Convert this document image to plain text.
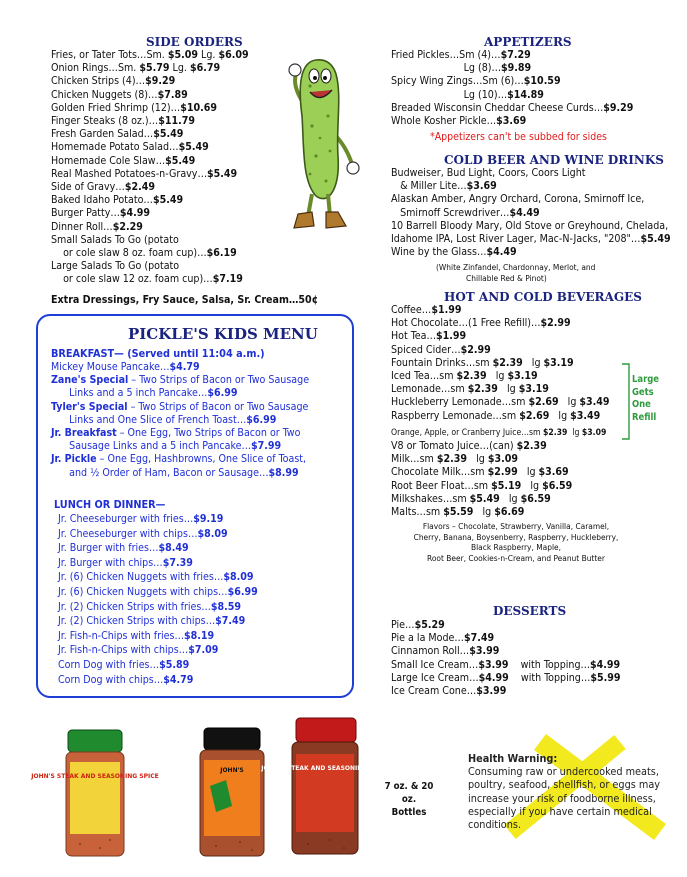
SIDE ORDERS
Fries, or Tater Tots…Sm. $5.09 Lg. $6.09
Onion Rings…Sm. $5.79 Lg. $6.79
Chicken Strips (4)…$9.29
Chicken Nuggets (8)…$7.89
Golden Fried Shrimp (12)…$10.69
Finger Steaks (8 oz.)…$11.79
Fresh Garden Salad…$5.49
Homemade Potato Salad…$5.49
Homemade Cole Slaw…$5.49
Real Mashed Potatoes-n-Gravy…$5.49
Side of Gravy…$2.49
Baked Idaho Potato…$5.49
Burger Patty…$4.99
Dinner Roll…$2.29
Small Salads To Go (potato
or cole slaw 8 oz. foam cup)…$6.19
Large Salads To Go (potato
or cole slaw 12 oz. foam cup)…$7.19
Extra Dressings, Fry Sauce, Salsa, Sr. Cream…50¢
PICKLE'S KIDS MENU
BREAKFAST— (Served until 11:04 a.m.)
Mickey Mouse Pancake…$4.79
Zane's Special – Two Strips of Bacon or Two Sausage
Links and a 5 inch Pancake…$6.99
Tyler's Special – Two Strips of Bacon or Two Sausage
Links and One Slice of French Toast…$6.99
Jr. Breakfast – One Egg, Two Strips of Bacon or Two
Sausage Links and a 5 inch Pancake…$7.99
Jr. Pickle – One Egg, Hashbrowns, One Slice of Toast,
and ½ Order of Ham, Bacon or Sausage…$8.99
LUNCH OR DINNER—
Jr. Cheeseburger with fries…$9.19
Jr. Cheeseburger with chips…$8.09
Jr. Burger with fries…$8.49
Jr. Burger with chips…$7.39
Jr. (6) Chicken Nuggets with fries…$8.09
Jr. (6) Chicken Nuggets with chips…$6.99
Jr. (2) Chicken Strips with fries…$8.59
Jr. (2) Chicken Strips with chips…$7.49
Jr. Fish-n-Chips with fries…$8.19
Jr. Fish-n-Chips with chips…$7.09
Corn Dog with fries…$5.89
Corn Dog with chips…$4.79
APPETIZERS
Fried Pickles…Sm (4)…$7.29
Lg (8)…$9.89
Spicy Wing Zings…Sm (6)…$10.59
Lg (10)…$14.89
Breaded Wisconsin Cheddar Cheese Curds…$9.29
Whole Kosher Pickle…$3.69
*Appetizers can't be subbed for sides
COLD BEER AND WINE DRINKS
Budweiser, Bud Light, Coors, Coors Light
& Miller Lite…$3.69
Alaskan Amber, Angry Orchard, Corona, Smirnoff Ice,
Smirnoff Screwdriver…$4.49
10 Barrell Bloody Mary, Old Stove or Greyhound, Chelada,
Idahome IPA, Lost River Lager, Mac-N-Jacks, "208"…$5.49
Wine by the Glass…$4.49
(White Zinfandel, Chardonnay, Merlot, and
Chillable Red & Pinot)
HOT AND COLD BEVERAGES
Coffee…$1.99
Hot Chocolate…(1 Free Refill)…$2.99
Hot Tea…$1.99
Spiced Cider…$2.99
Fountain Drinks…sm $2.39   lg $3.19
Iced Tea…sm $2.39   lg $3.19
Lemonade…sm $2.39   lg $3.19
Huckleberry Lemonade…sm $2.69   lg $3.49
Raspberry Lemonade…sm $2.69   lg $3.49
Orange, Apple, or Cranberry Juice…sm $2.39  lg $3.09
V8 or Tomato Juice…(can) $2.39
Milk…sm $2.39   lg $3.09
Chocolate Milk…sm $2.99   lg $3.69
Root Beer Float…sm $5.19   lg $6.59
Milkshakes…sm $5.49   lg $6.59
Malts…sm $5.59   lg $6.69
Flavors – Chocolate, Strawberry, Vanilla, Caramel,
Cherry, Banana, Boysenberry, Raspberry, Huckleberry,
Black Raspberry, Maple,
Root Beer, Cookies-n-Cream, and Peanut Butter
Large
Gets
One
Refill
DESSERTS
Pie…$5.29
Pie a la Mode…$7.49
Cinnamon Roll…$3.99
Small Ice Cream…$3.99    with Topping…$4.99
Large Ice Cream…$4.99    with Topping…$5.99
Ice Cream Cone…$3.99
JOHN'S STEAK AND SEASONING SPICE
JOHN'S	JOHN'S STEAK AND SEASONING SPICE
7 oz. & 20 oz.
Bottles
Health Warning:
Consuming raw or undercooked meats,
poultry, seafood, shellfish, or eggs may
increase your risk of foodborne illness,
especially if you have certain medical
conditions.
